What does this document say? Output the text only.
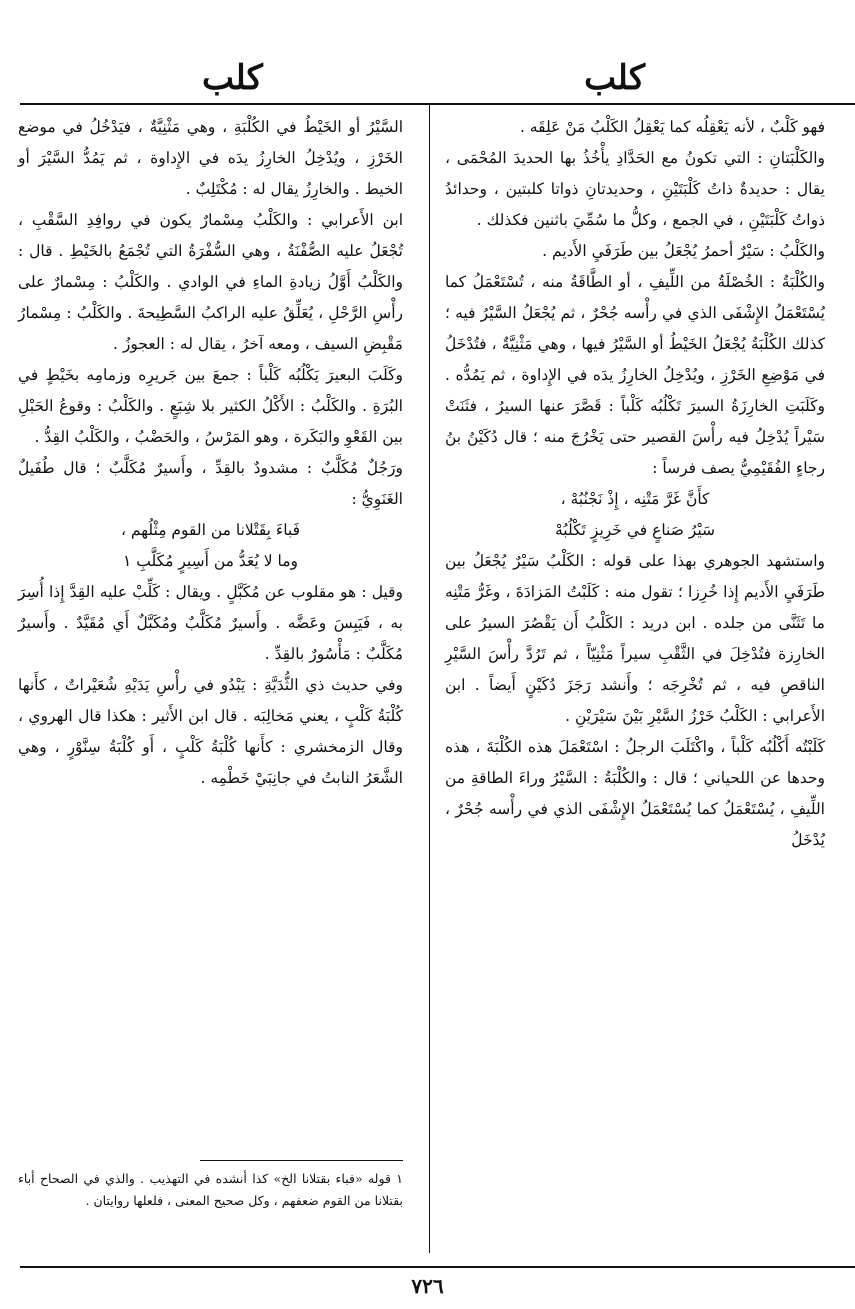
كلب
كلب

فهو كَلْبٌ ، لأنه يَعْقِلُه كما يَعْقِلُ الكَلْبُ مَنْ عَلِقَه .

والكَلْبَتانِ : التي تكونُ مع الحَدَّادِ يأْخُذُ بها الحديدَ المُحْمَى ، يقال : حديدةٌ ذاتُ كَلْبَتَيْنِ ، وحديدتانِ ذواتا كلبتين ، وحدائدُ ذواتُ كَلْبَتَيْنِ ، في الجمع ، وكلُّ ما سُمِّيَ باثنين فكذلك .

والكَلْبُ : سَيْرٌ أحمرُ يُجْعَلُ بين طَرَفَيِ الأَديم .

والكُلْبَةُ : الخُصْلَةُ من اللِّيفِ ، أو الطَّاقَةُ منه ، تُسْتَعْمَلُ كما يُسْتَعْمَلُ الإِشْفَى الذي في رأْسه جُحْرٌ ، ثم يُجْعَلُ السَّيْرُ فيه ؛ كذلك الكُلْبَةُ يُجْعَلُ الخَيْطُ أو السَّيْرُ فيها ، وهي مَثْنِيَّةٌ ، فتُدْخَلُ في مَوْضِعِ الخَرْزِ ، ويُدْخِلُ الخارِزُ يدَه في الإِداوة ، ثم يَمُدُّه . وكَلَبَتِ الخارِزَةُ السيرَ تَكْلُبُه كَلْباً : قَصَّرَ عنها السيرُ ، فثَنَتْ سَيْراً يُدْخِلُ فيه رأْسَ القصير حتى يَخْرُجَ منه ؛ قال دُكَيْنُ بنُ رجاءٍ الفُقَيْمِيُّ يصف فرساً :

كأَنَّ غَرَّ مَتْنِه ، إِذْ نَجْنُبُهْ ،

سَيْرُ صَناعٍ في خَرِيزٍ تَكْلُبُهْ

واستشهد الجوهري بهذا على قوله : الكَلْبُ سَيْرٌ يُجْعَلُ بين طَرَفَيِ الأَديم إِذا خُرِزا ؛ تقول منه : كَلَبْتُ المَزادَةَ ، وغَرُّ مَتْنِه ما تَثَنَّى من جلده . ابن دريد : الكَلْبُ أَن يَقْصُرَ السيرُ على الخارِزة فتُدْخِلَ في الثَّقْبِ سيراً مَثْنِيّاً ، ثم تَرُدَّ رأْسَ السَّيْرِ الناقصِ فيه ، ثم تُخْرِجَه ؛ وأَنشد رَجَزَ دُكَيْنٍ أَيضاً . ابن الأَعرابي : الكَلْبُ خَرْزُ السَّيْرِ بَيْنَ سَيْرَيْنِ .

كَلَبْتُه أَكْلُبُه كَلْباً ، واكْتَلَبَ الرجلُ : اسْتَعْمَلَ هذه الكُلْبَةَ ، هذه وحدها عن اللحياني ؛ قال : والكُلْبَةُ : السَّيْرُ وراءَ الطاقةِ من اللِّيفِ ، يُسْتَعْمَلُ كما يُسْتَعْمَلُ الإِشْفَى الذي في رأْسه جُحْرٌ ، يُدْخَلُ

السَّيْرُ أو الخَيْطُ في الكُلْبَةِ ، وهي مَثْنِيَّةٌ ، فيَدْخُلُ في موضع الخَرْزِ ، ويُدْخِلُ الخارِزُ يدَه في الإِداوة ، ثم يَمُدُّ السَّيْرَ أو الخيط . والخارِزُ يقال له : مُكْتَلِبٌ .

ابن الأَعرابي : والكَلْبُ مِسْمارٌ يكون في روافِدِ السَّقْبِ ، تُجْعَلُ عليه الصُّفْنَةُ ، وهي السُّفْرَةُ التي تُجْمَعُ بالخَيْطِ . قال : والكَلْبُ أَوَّلُ زيادةِ الماءِ في الوادي . والكَلْبُ : مِسْمارٌ على رأْسِ الرَّحْلِ ، يُعَلِّقُ عليه الراكبُ السَّطِيحةَ . والكَلْبُ : مِسْمارُ مَقْبِضِ السيف ، ومعه آخرُ ، يقال له : العجوزُ .

وكَلَبَ البعيرَ يَكْلُبُه كَلْباً : جمعَ بين جَريرِه وزمامِه بخَيْطٍ في البُرَةِ . والكَلْبُ : الأَكْلُ الكثير بلا شِبَعٍ . والكَلْبُ : وقوعُ الحَبْلِ بين القَعْوِ والبَكَرة ، وهو المَرْسُ ، والحَضْبُ ، والكَلْبُ القِدُّ .

ورَجُلٌ مُكَلَّبٌ : مشدودٌ بالقِدِّ ، وأَسيرٌ مُكَلَّبٌ ؛ قال طُفَيلٌ الغَنَوِيُّ :

فَباءَ بِقَتْلانا من القوم مِثْلُهم ،

وما لا يُعَدُّ من أَسِيرٍ مُكَلَّبِ ١

وقيل : هو مقلوب عن مُكَبَّلٍ . ويقال : كَلِّبْ عليه القِدَّ إِذا أُسِرَ به ، فَيَبِسَ وعَضَّه . وأَسيرٌ مُكَلَّبٌ ومُكَبَّلٌ أَي مُقَيَّدٌ . وأَسيرٌ مُكَلَّبٌ : مَأْسُورٌ بالقِدِّ .

وفي حديث ذي الثُّدَيَّةِ : يَبْدُو في رأْسِ يَدَيْهِ شُعَيْراتٌ ، كأَنها كُلْبَةُ كَلْبٍ ، يعني مَخالِبَه . قال ابن الأَثير : هكذا قال الهروي ، وقال الزمخشري : كأَنها كُلْبَةُ كَلْبٍ ، أَو كُلْبَةُ سِنَّوْرٍ ، وهي الشَّعَرُ النابتُ في جانِبَيْ خَطْمِه .

١ قوله «فباء بقتلانا الخ» كذا أنشده في التهذيب . والذي في الصحاح أباء بقتلانا من القوم ضعفهم ، وكل صحيح المعنى ، فلعلها روايتان .
٧٢٦
